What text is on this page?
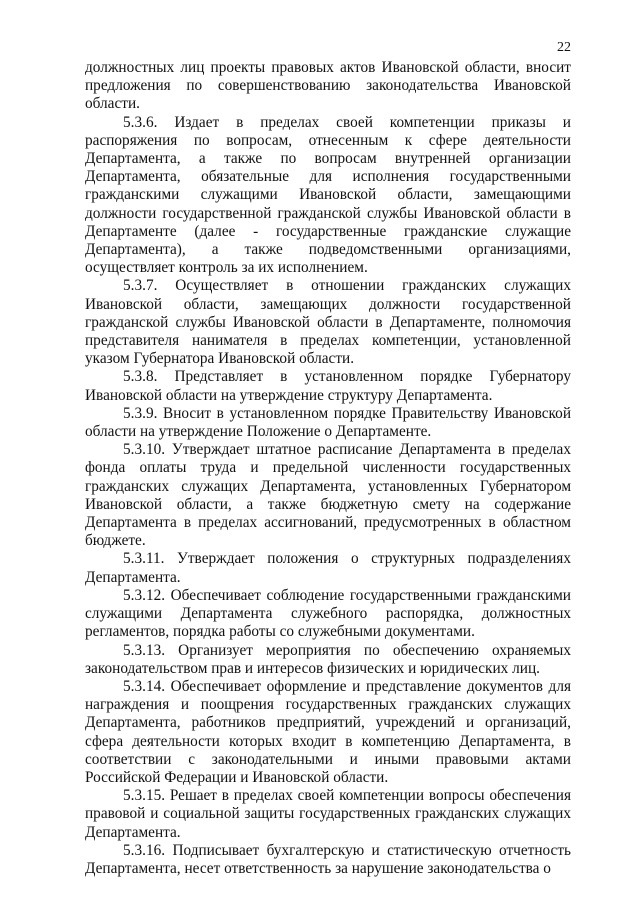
22

должностных лиц проекты правовых актов Ивановской области, вносит предложения по совершенствованию законодательства Ивановской области.

5.3.6. Издает в пределах своей компетенции приказы и распоряжения по вопросам, отнесенным к сфере деятельности Департамента, а также по вопросам внутренней организации Департамента, обязательные для исполнения государственными гражданскими служащими Ивановской области, замещающими должности государственной гражданской службы Ивановской области в Департаменте (далее - государственные гражданские служащие Департамента), а также подведомственными организациями, осуществляет контроль за их исполнением.

5.3.7. Осуществляет в отношении гражданских служащих Ивановской области, замещающих должности государственной гражданской службы Ивановской области в Департаменте, полномочия представителя нанимателя в пределах компетенции, установленной указом Губернатора Ивановской области.

5.3.8. Представляет в установленном порядке Губернатору Ивановской области на утверждение структуру Департамента.

5.3.9. Вносит в установленном порядке Правительству Ивановской области на утверждение Положение о Департаменте.

5.3.10. Утверждает штатное расписание Департамента в пределах фонда оплаты труда и предельной численности государственных гражданских служащих Департамента, установленных Губернатором Ивановской области, а также бюджетную смету на содержание Департамента в пределах ассигнований, предусмотренных в областном бюджете.

5.3.11. Утверждает положения о структурных подразделениях Департамента.

5.3.12. Обеспечивает соблюдение государственными гражданскими служащими Департамента служебного распорядка, должностных регламентов, порядка работы со служебными документами.

5.3.13. Организует мероприятия по обеспечению охраняемых законодательством прав и интересов физических и юридических лиц.

5.3.14. Обеспечивает оформление и представление документов для награждения и поощрения государственных гражданских служащих Департамента, работников предприятий, учреждений и организаций, сфера деятельности которых входит в компетенцию Департамента, в соответствии с законодательными и иными правовыми актами Российской Федерации и Ивановской области.

5.3.15. Решает в пределах своей компетенции вопросы обеспечения правовой и социальной защиты государственных гражданских служащих Департамента.

5.3.16. Подписывает бухгалтерскую и статистическую отчетность Департамента, несет ответственность за нарушение законодательства о
